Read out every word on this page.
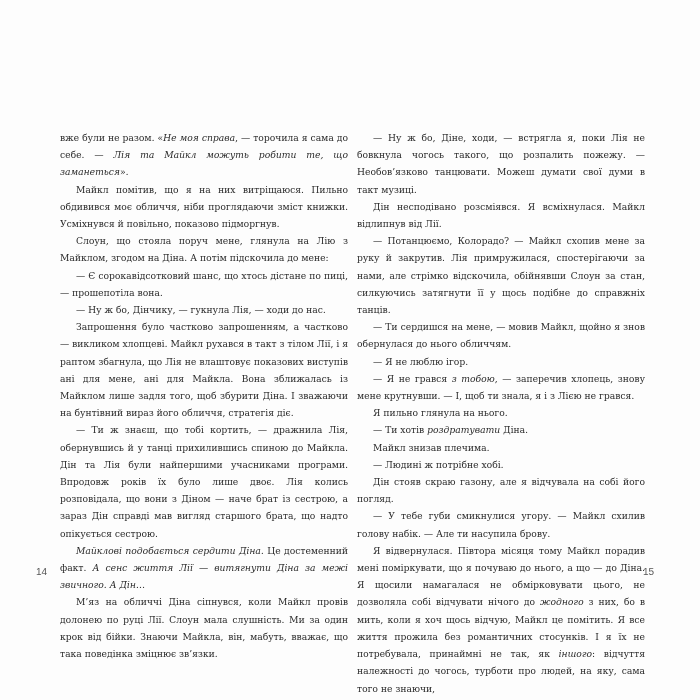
вже були не разом. «Не моя справа, — торочила я сама до себе. — Лія та Майкл можуть робити те, що заманеться».

Майкл помітив, що я на них витріщаюся. Пильно обдивився моє обличчя, ніби проглядаючи зміст книжки. Усміхнувся й повільно, показово підморгнув.

Слоун, що стояла поруч мене, глянула на Лію з Майклом, згодом на Діна. А потім підскочила до мене:

— Є сорокавідсотковий шанс, що хтось дістане по пиці, — прошепотіла вона.

— Ну ж бо, Дінчику, — гукнула Лія, — ходи до нас.

Запрошення було частково запрошенням, а частково — викликом хлопцеві. Майкл рухався в такт з тілом Лії, і я раптом збагнула, що Лія не влаштовує показових виступів ані для мене, ані для Майкла. Вона зближалась із Майклом лише задля того, щоб збурити Діна. І зважаючи на бунтівний вираз його обличчя, стратегія діє.

— Ти ж знаєш, що тобі кортить, — дражнила Лія, обернувшись й у танці прихилившись спиною до Майкла. Дін та Лія були найпершими учасниками програми. Впродовж років їх було лише двоє. Лія колись розповідала, що вони з Діном — наче брат із сестрою, а зараз Дін справді мав вигляд старшого брата, що надто опікується сестрою.

Майклові подобається сердити Діна. Це достеменний факт. А сенс життя Лії — витягнути Діна за межі звичного. А Дін…

М’яз на обличчі Діна сіпнувся, коли Майкл провів долонею по руці Лії. Слоун мала слушність. Ми за один крок від бійки. Знаючи Майкла, він, мабуть, вважає, що така поведінка зміцнює зв’язки.

— Ну ж бо, Діне, ходи, — встрягла я, поки Лія не бовкнула чогось такого, що розпалить пожежу. — Необов’язково танцювати. Можеш думати свої думи в такт музиці.

Дін несподівано розсміявся. Я всміхнулася. Майкл відлипнув від Лії.

— Потанцюємо, Колорадо? — Майкл схопив мене за руку й закрутив. Лія примружилася, спостерігаючи за нами, але стрімко відскочила, обійнявши Слоун за стан, силкуючись затягнути її у щось подібне до справжніх танців.

— Ти сердишся на мене, — мовив Майкл, щойно я знов обернулася до нього обличчям.

— Я не люблю ігор.

— Я не грався з тобою, — заперечив хлопець, знову мене крутнувши. — І, щоб ти знала, я і з Лією не грався.

Я пильно глянула на нього.

— Ти хотів роздратувати Діна.

Майкл знизав плечима.

— Людині ж потрібне хобі.

Дін стояв скраю газону, але я відчувала на собі його погляд.

— У тебе губи смикнулися угору. — Майкл схилив голову набік. — Але ти насупила брову.

Я відвернулася. Півтора місяця тому Майкл порадив мені поміркувати, що я почуваю до нього, а що — до Діна. Я щосили намагалася не обмірковувати цього, не дозволяла собі відчувати нічого до жодного з них, бо в мить, коли я хоч щось відчую, Майкл це помітить. Я все життя прожила без романтичних стосунків. І я їх не потребувала, принаймні не так, як іншого: відчуття належності до чогось, турботи про людей, на яку, сама того не знаючи,

14	15
